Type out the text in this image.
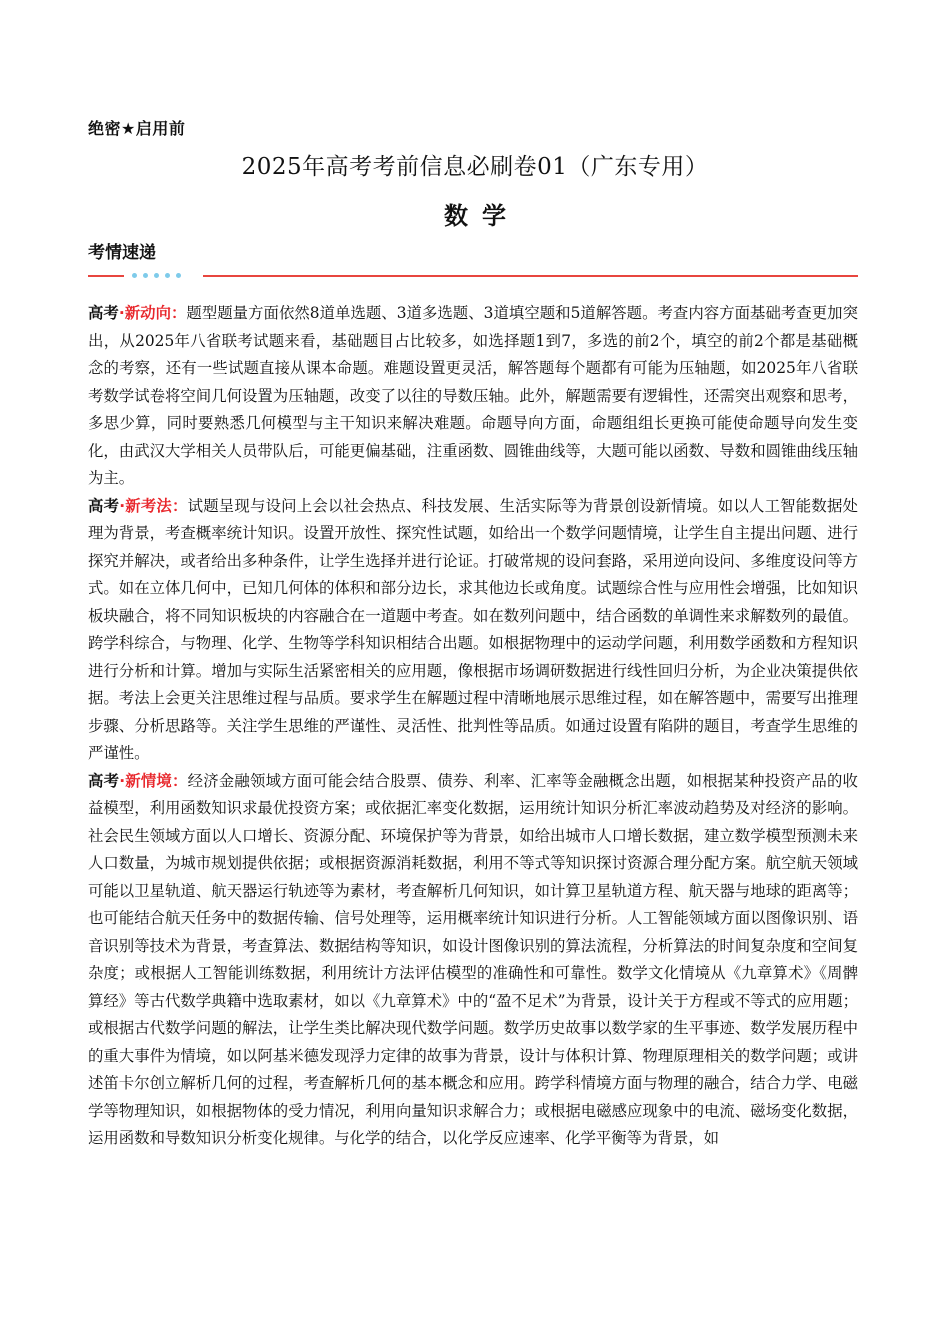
绝密★启用前
2025年高考考前信息必刷卷01（广东专用）
数学
考情速递

高考·新动向：题型题量方面依然8道单选题、3道多选题、3道填空题和5道解答题。考查内容方面基础考查更加突出，从2025年八省联考试题来看，基础题目占比较多，如选择题1到7，多选的前2个，填空的前2个都是基础概念的考察，还有一些试题直接从课本命题。难题设置更灵活，解答题每个题都有可能为压轴题，如2025年八省联考数学试卷将空间几何设置为压轴题，改变了以往的导数压轴。此外，解题需要有逻辑性，还需突出观察和思考，多思少算，同时要熟悉几何模型与主干知识来解决难题。命题导向方面，命题组组长更换可能使命题导向发生变化，由武汉大学相关人员带队后，可能更偏基础，注重函数、圆锥曲线等，大题可能以函数、导数和圆锥曲线压轴为主。

高考·新考法：试题呈现与设问上会以社会热点、科技发展、生活实际等为背景创设新情境。如以人工智能数据处理为背景，考查概率统计知识。设置开放性、探究性试题，如给出一个数学问题情境，让学生自主提出问题、进行探究并解决，或者给出多种条件，让学生选择并进行论证。打破常规的设问套路，采用逆向设问、多维度设问等方式。如在立体几何中，已知几何体的体积和部分边长，求其他边长或角度。试题综合性与应用性会增强，比如知识板块融合，将不同知识板块的内容融合在一道题中考查。如在数列问题中，结合函数的单调性来求解数列的最值。跨学科综合，与物理、化学、生物等学科知识相结合出题。如根据物理中的运动学问题，利用数学函数和方程知识进行分析和计算。增加与实际生活紧密相关的应用题，像根据市场调研数据进行线性回归分析，为企业决策提供依据。考法上会更关注思维过程与品质。要求学生在解题过程中清晰地展示思维过程，如在解答题中，需要写出推理步骤、分析思路等。关注学生思维的严谨性、灵活性、批判性等品质。如通过设置有陷阱的题目，考查学生思维的严谨性。

高考·新情境：经济金融领域方面可能会结合股票、债券、利率、汇率等金融概念出题，如根据某种投资产品的收益模型，利用函数知识求最优投资方案；或依据汇率变化数据，运用统计知识分析汇率波动趋势及对经济的影响。社会民生领域方面以人口增长、资源分配、环境保护等为背景，如给出城市人口增长数据，建立数学模型预测未来人口数量，为城市规划提供依据；或根据资源消耗数据，利用不等式等知识探讨资源合理分配方案。航空航天领域可能以卫星轨道、航天器运行轨迹等为素材，考查解析几何知识，如计算卫星轨道方程、航天器与地球的距离等；也可能结合航天任务中的数据传输、信号处理等，运用概率统计知识进行分析。人工智能领域方面以图像识别、语音识别等技术为背景，考查算法、数据结构等知识，如设计图像识别的算法流程，分析算法的时间复杂度和空间复杂度；或根据人工智能训练数据，利用统计方法评估模型的准确性和可靠性。数学文化情境从《九章算术》《周髀算经》等古代数学典籍中选取素材，如以《九章算术》中的“盈不足术”为背景，设计关于方程或不等式的应用题；或根据古代数学问题的解法，让学生类比解决现代数学问题。数学历史故事以数学家的生平事迹、数学发展历程中的重大事件为情境，如以阿基米德发现浮力定律的故事为背景，设计与体积计算、物理原理相关的数学问题；或讲述笛卡尔创立解析几何的过程，考查解析几何的基本概念和应用。跨学科情境方面与物理的融合，结合力学、电磁学等物理知识，如根据物体的受力情况，利用向量知识求解合力；或根据电磁感应现象中的电流、磁场变化数据，运用函数和导数知识分析变化规律。与化学的结合，以化学反应速率、化学平衡等为背景，如
